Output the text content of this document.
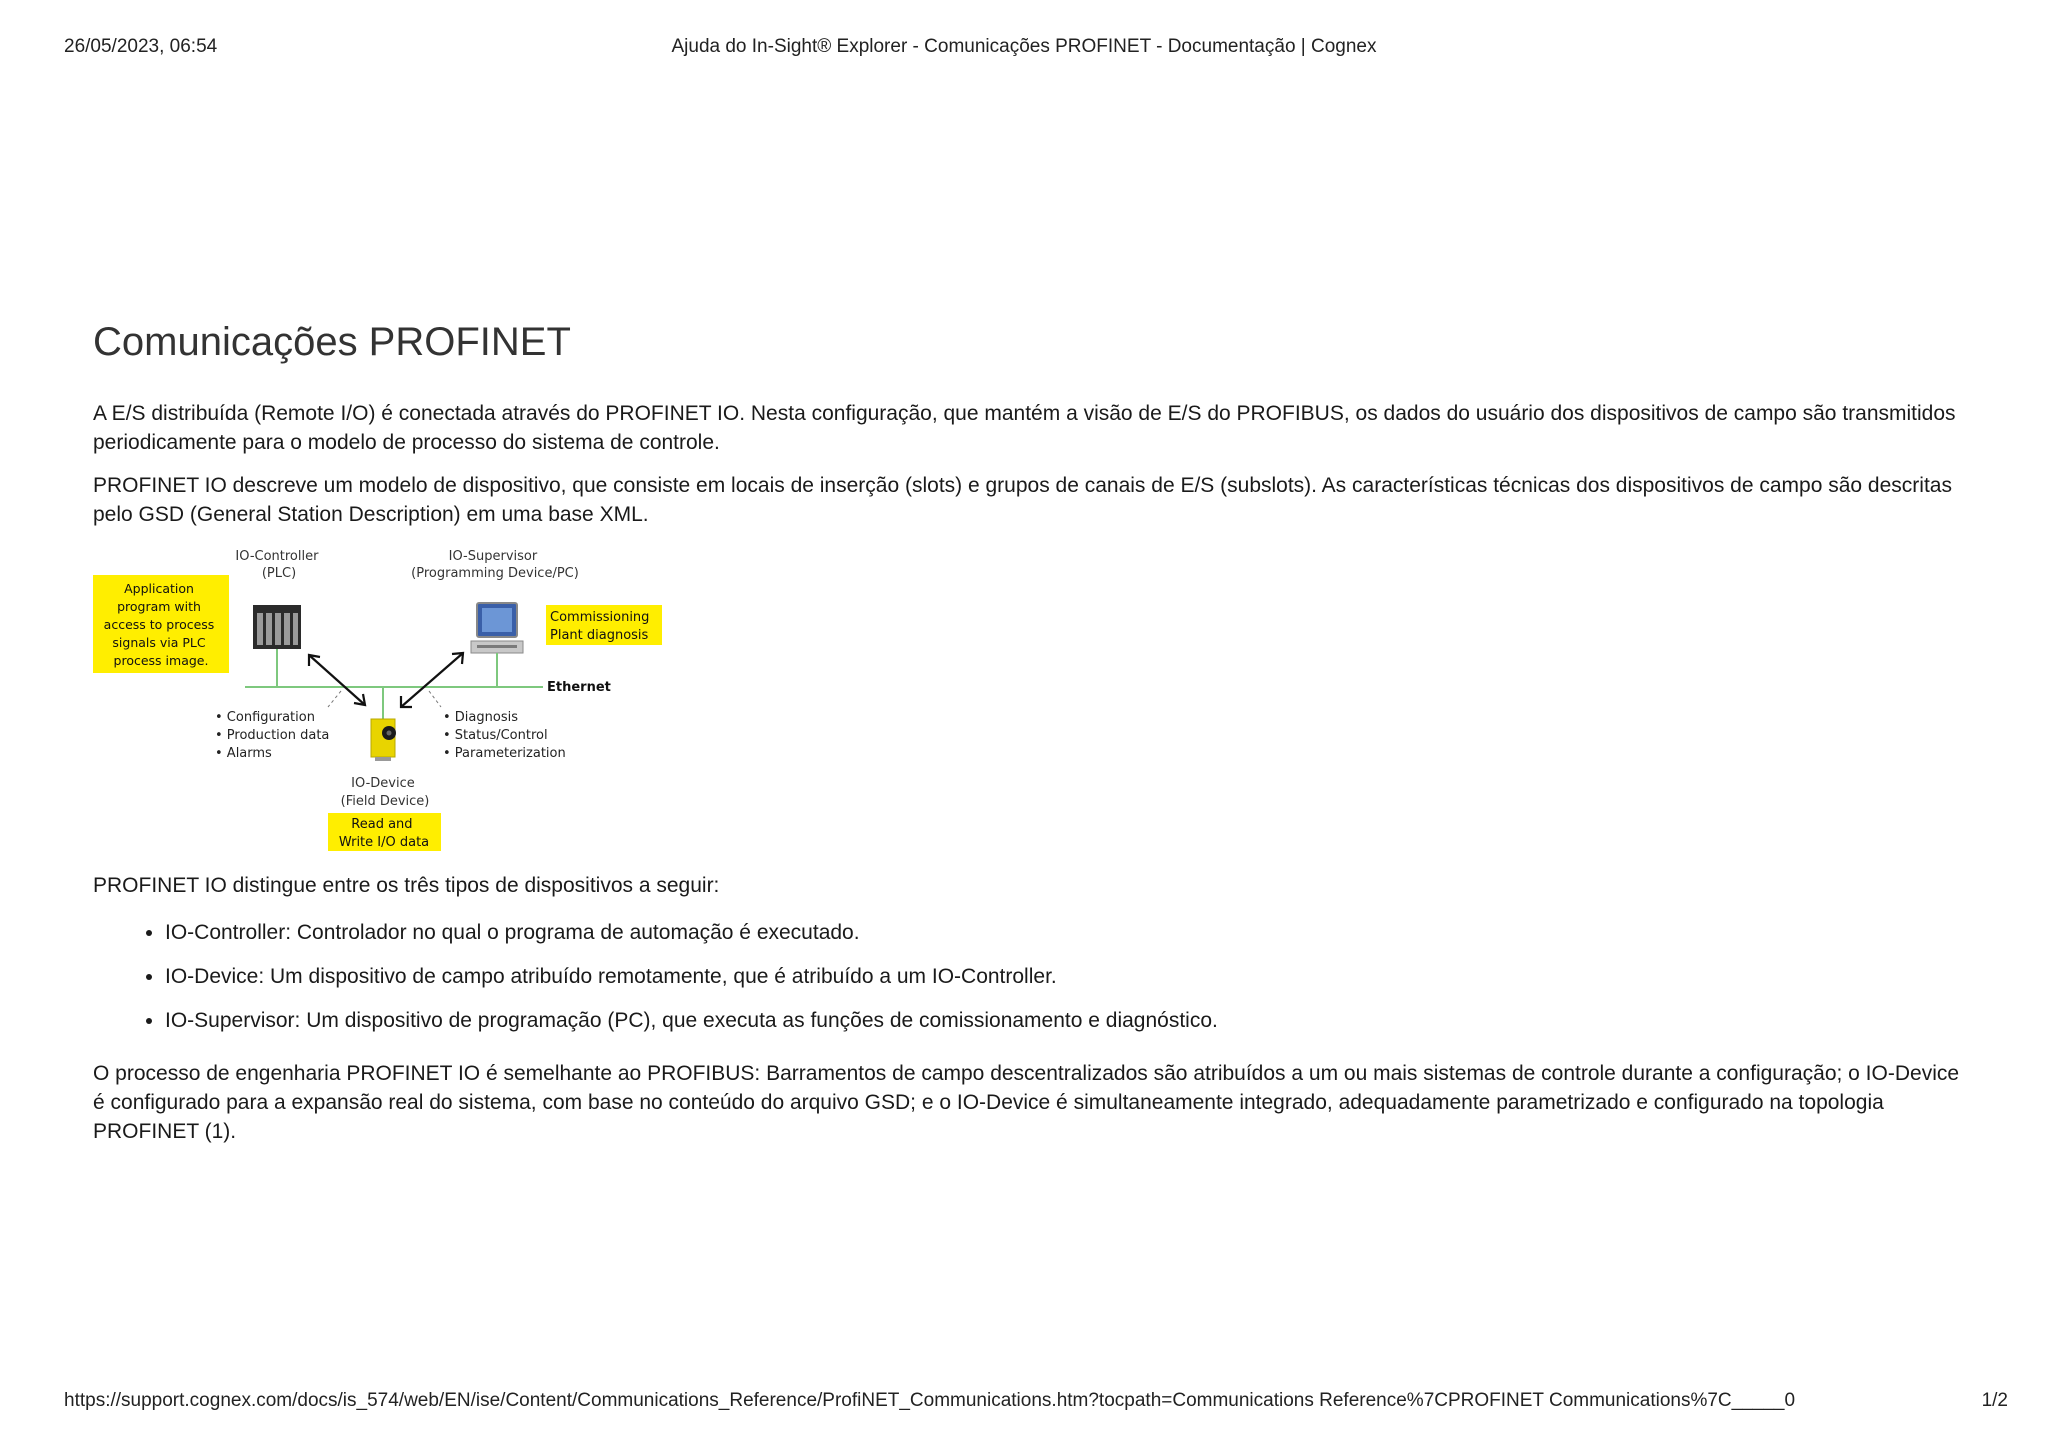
26/05/2023, 06:54	Ajuda do In-Sight® Explorer - Comunicações PROFINET - Documentação | Cognex
Comunicações PROFINET

A E/S distribuída (Remote I/O) é conectada através do PROFINET IO. Nesta configuração, que mantém a visão de E/S do PROFIBUS, os dados do usuário dos dispositivos de campo são transmitidos periodicamente para o modelo de processo do sistema de controle.

PROFINET IO descreve um modelo de dispositivo, que consiste em locais de inserção (slots) e grupos de canais de E/S (subslots). As características técnicas dos dispositivos de campo são descritas pelo GSD (General Station Description) em uma base XML.

IO-Controller (PLC)
IO-Supervisor (Programming Device/PC)
Application program with access to process signals via PLC process image.
Commissioning Plant diagnosis
Ethernet
• Configuration • Production data • Alarms
• Diagnosis • Status/Control • Parameterization
IO-Device (Field Device)
Read and Write I/O data

PROFINET IO distingue entre os três tipos de dispositivos a seguir:

• IO-Controller: Controlador no qual o programa de automação é executado.
• IO-Device: Um dispositivo de campo atribuído remotamente, que é atribuído a um IO-Controller.
• IO-Supervisor: Um dispositivo de programação (PC), que executa as funções de comissionamento e diagnóstico.

O processo de engenharia PROFINET IO é semelhante ao PROFIBUS: Barramentos de campo descentralizados são atribuídos a um ou mais sistemas de controle durante a configuração; o IO-Device é configurado para a expansão real do sistema, com base no conteúdo do arquivo GSD; e o IO-Device é simultaneamente integrado, adequadamente parametrizado e configurado na topologia PROFINET (1).

https://support.cognex.com/docs/is_574/web/EN/ise/Content/Communications_Reference/ProfiNET_Communications.htm?tocpath=Communications Reference%7CPROFINET Communications%7C_____0	1/2
